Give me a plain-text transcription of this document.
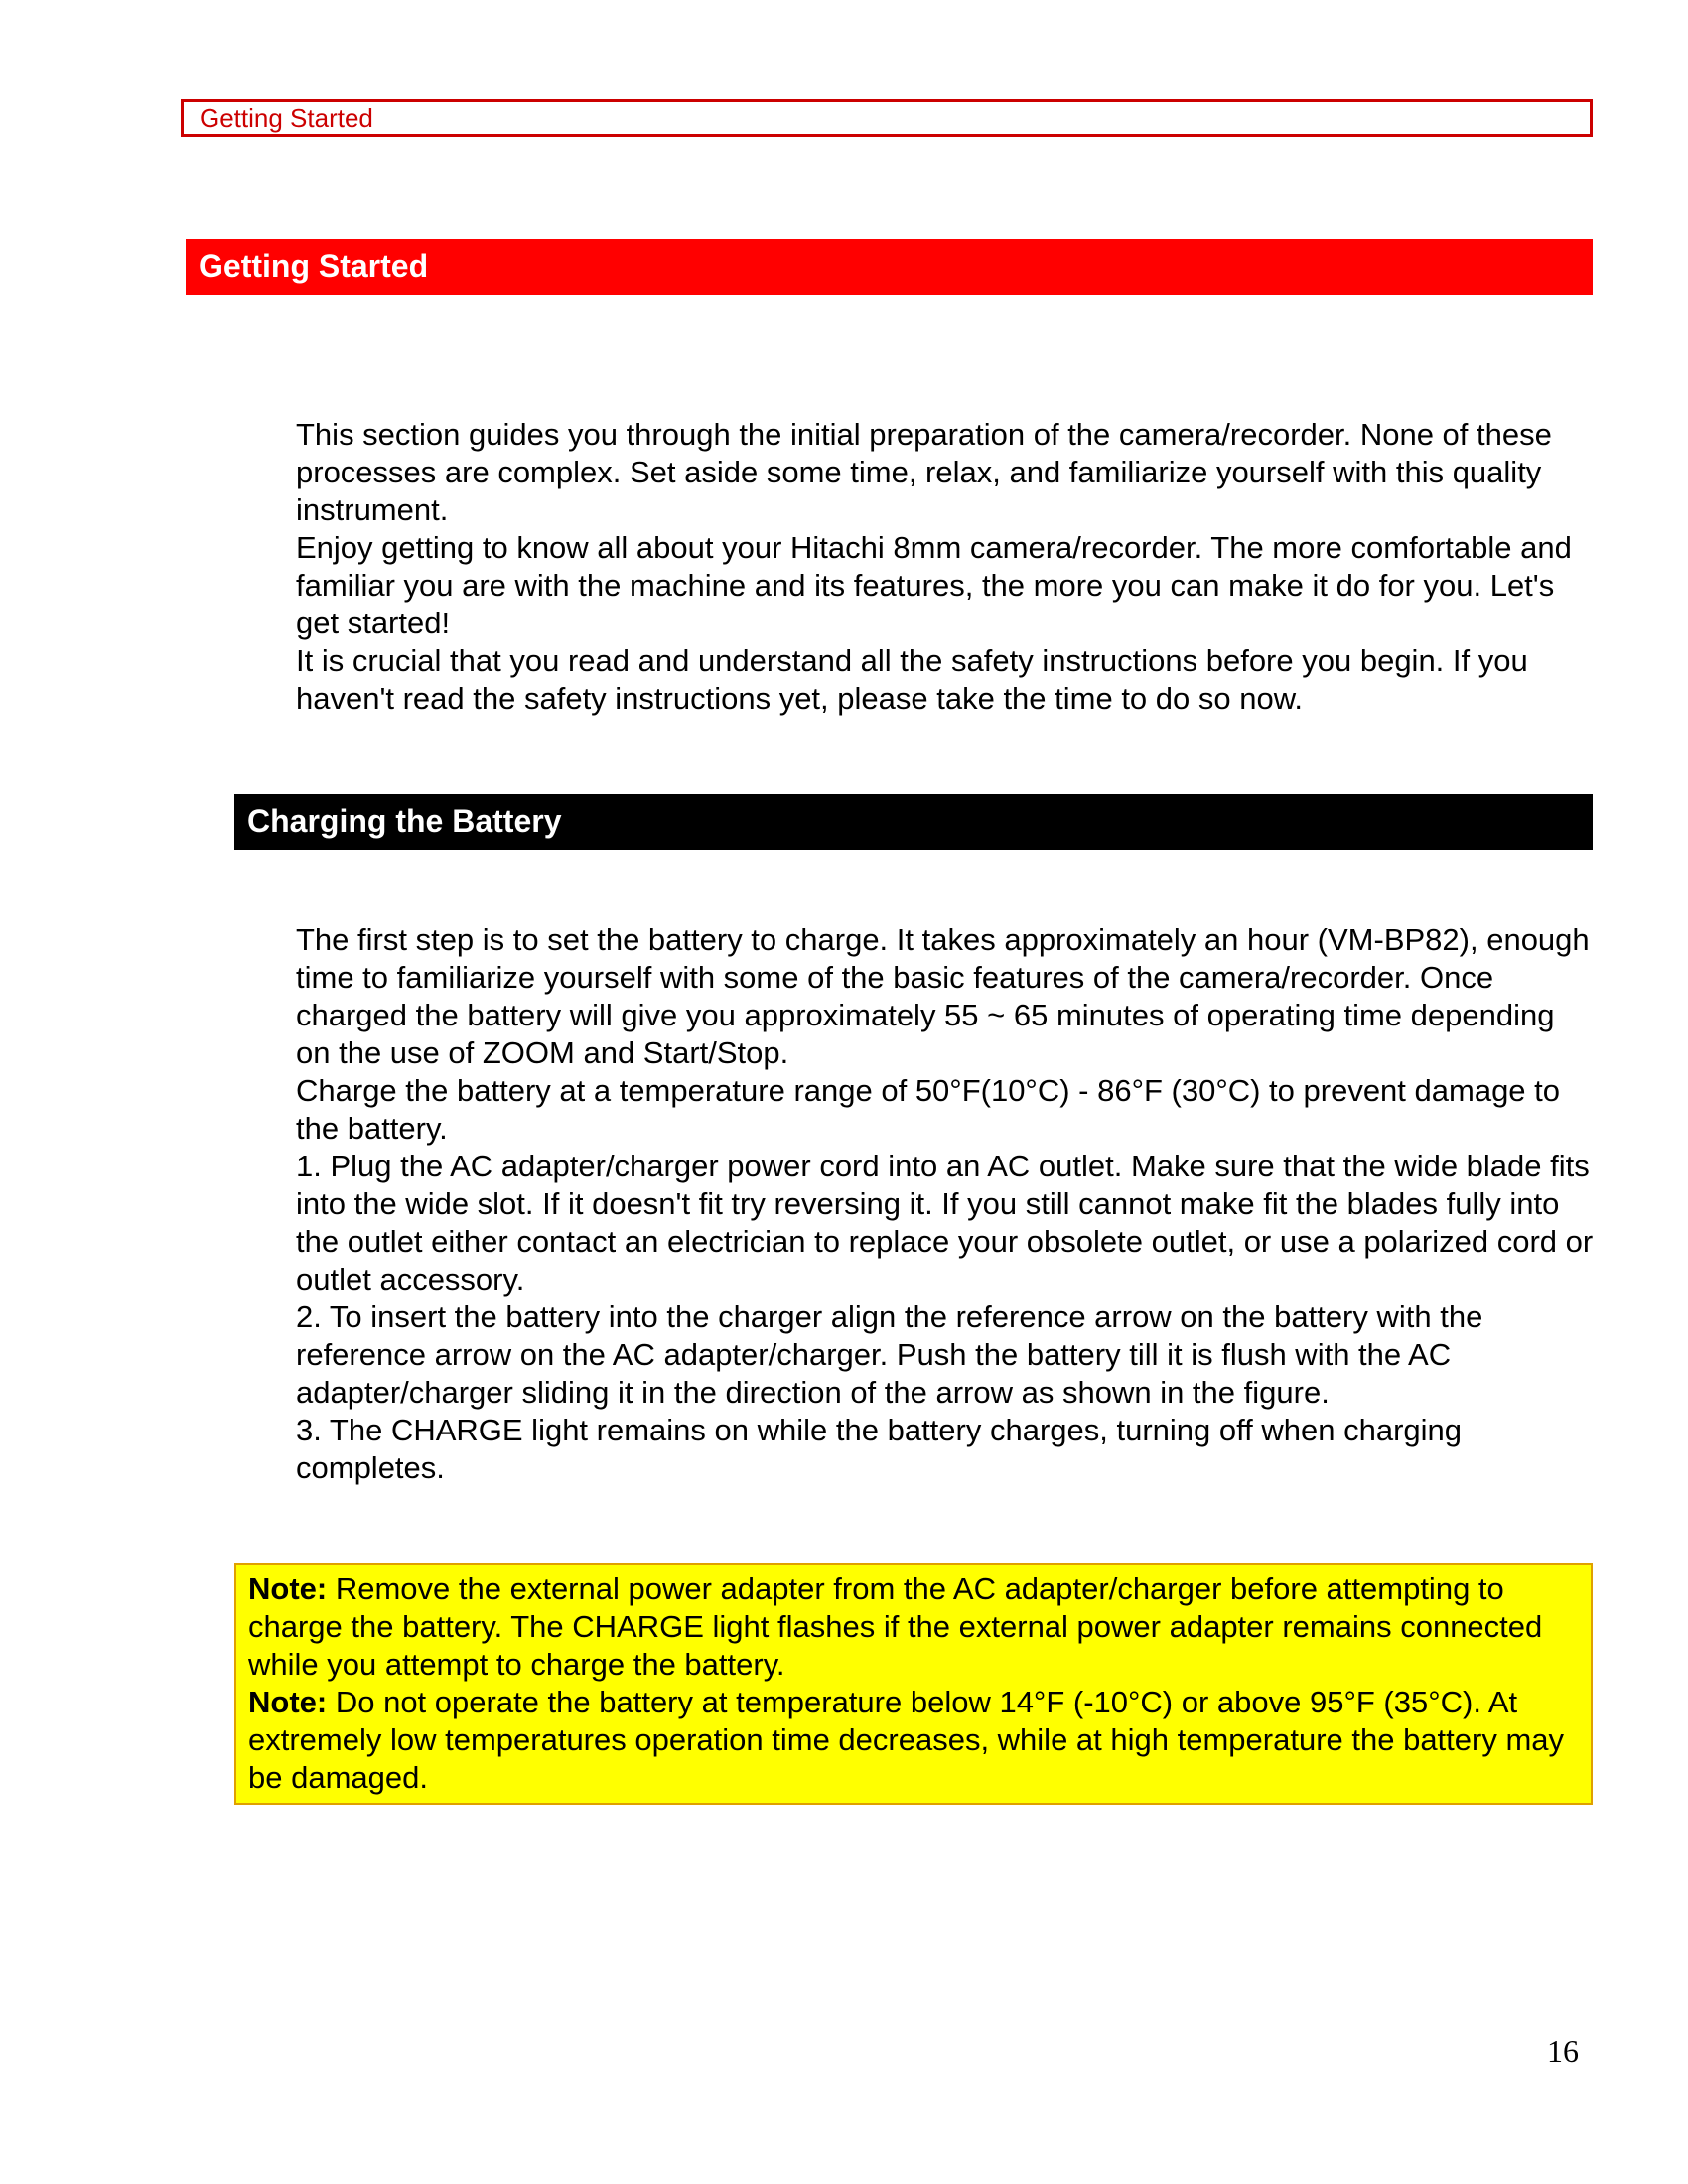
Getting Started
Getting Started

This section guides you through the initial preparation of the camera/recorder. None of these processes are complex. Set aside some time, relax, and familiarize yourself with this quality instrument.

Enjoy getting to know all about your Hitachi 8mm camera/recorder. The more comfortable and familiar you are with the machine and its features, the more you can make it do for you. Let's get started!

It is crucial that you read and understand all the safety instructions before you begin. If you haven't read the safety instructions yet, please take the time to do so now.

Charging the Battery

The first step is to set the battery to charge. It takes approximately an hour (VM-BP82), enough time to familiarize yourself with some of the basic features of the camera/recorder. Once charged the battery will give you approximately 55 ~ 65 minutes of operating time depending on the use of ZOOM and Start/Stop.

Charge the battery at a temperature range of 50°F(10°C) - 86°F (30°C) to prevent damage to the battery.

1. Plug the AC adapter/charger power cord into an AC outlet. Make sure that the wide blade fits into the wide slot. If it doesn't fit try reversing it. If you still cannot make fit the blades fully into the outlet either contact an electrician to replace your obsolete outlet, or use a polarized cord or outlet accessory.

2. To insert the battery into the charger align the reference arrow on the battery with the reference arrow on the AC adapter/charger. Push the battery till it is flush with the AC adapter/charger sliding it in the direction of the arrow as shown in the figure.

3. The CHARGE light remains on while the battery charges, turning off when charging completes.

Note: Remove the external power adapter from the AC adapter/charger before attempting to charge the battery. The CHARGE light flashes if the external power adapter remains connected while you attempt to charge the battery.

Note: Do not operate the battery at temperature below 14°F (-10°C) or above 95°F (35°C). At extremely low temperatures operation time decreases, while at high temperature the battery may be damaged.

16
